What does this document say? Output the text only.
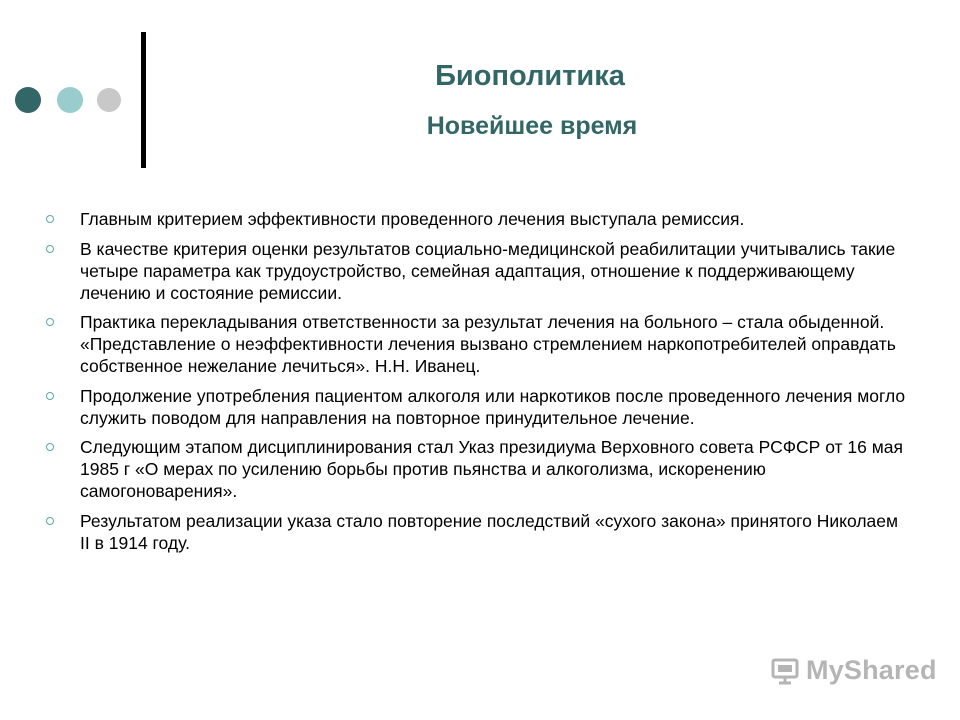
Биополитика
Новейшее время
Главным критерием эффективности проведенного лечения выступала ремиссия.
В качестве критерия оценки результатов социально-медицинской реабилитации учитывались такие четыре параметра как трудоустройство, семейная адаптация, отношение к поддерживающему лечению и состояние ремиссии.
Практика перекладывания ответственности за результат лечения на больного – стала обыденной. «Представление о неэффективности лечения вызвано стремлением наркопотребителей оправдать собственное нежелание лечиться». Н.Н. Иванец.
Продолжение употребления пациентом алкоголя или наркотиков после проведенного лечения могло служить поводом для направления на повторное принудительное лечение.
Следующим этапом дисциплинирования стал Указ президиума Верховного совета РСФСР от 16 мая 1985 г «О мерах по усилению борьбы против пьянства и алкоголизма, искоренению самогоноварения».
Результатом реализации указа стало повторение последствий «сухого закона» принятого Николаем II в 1914 году.
MyShared
